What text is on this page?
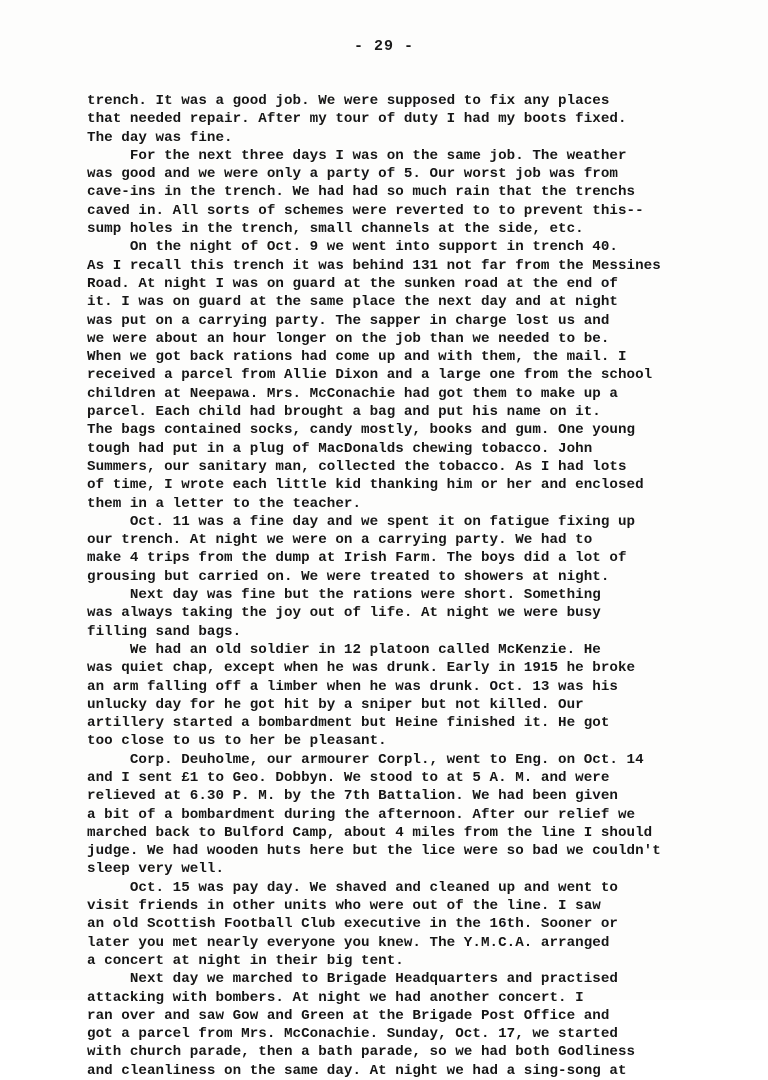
- 29 -
trench. It was a good job. We were supposed to fix any places
that needed repair. After my tour of duty I had my boots fixed.
The day was fine.
For the next three days I was on the same job. The weather
was good and we were only a party of 5. Our worst job was from
cave-ins in the trench. We had had so much rain that the trenchs
caved in. All sorts of schemes were reverted to to prevent this--
sump holes in the trench, small channels at the side, etc.
On the night of Oct. 9 we went into support in trench 40.
As I recall this trench it was behind 131 not far from the Messines
Road. At night I was on guard at the sunken road at the end of
it. I was on guard at the same place the next day and at night
was put on a carrying party. The sapper in charge lost us and
we were about an hour longer on the job than we needed to be.
When we got back rations had come up and with them, the mail. I
received a parcel from Allie Dixon and a large one from the school
children at Neepawa. Mrs. McConachie had got them to make up a
parcel. Each child had brought a bag and put his name on it.
The bags contained socks, candy mostly, books and gum. One young
tough had put in a plug of MacDonalds chewing tobacco. John
Summers, our sanitary man, collected the tobacco. As I had lots
of time, I wrote each little kid thanking him or her and enclosed
them in a letter to the teacher.
Oct. 11 was a fine day and we spent it on fatigue fixing up
our trench. At night we were on a carrying party. We had to
make 4 trips from the dump at Irish Farm. The boys did a lot of
grousing but carried on. We were treated to showers at night.
Next day was fine but the rations were short. Something
was always taking the joy out of life. At night we were busy
filling sand bags.
We had an old soldier in 12 platoon called McKenzie. He
was quiet chap, except when he was drunk. Early in 1915 he broke
an arm falling off a limber when he was drunk. Oct. 13 was his
unlucky day for he got hit by a sniper but not killed. Our
artillery started a bombardment but Heine finished it. He got
too close to us to her be pleasant.
Corp. Deuholme, our armourer Corpl., went to Eng. on Oct. 14
and I sent £1 to Geo. Dobbyn. We stood to at 5 A. M. and were
relieved at 6.30 P. M. by the 7th Battalion. We had been given
a bit of a bombardment during the afternoon. After our relief we
marched back to Bulford Camp, about 4 miles from the line I should
judge. We had wooden huts here but the lice were so bad we couldn't
sleep very well.
Oct. 15 was pay day. We shaved and cleaned up and went to
visit friends in other units who were out of the line. I saw
an old Scottish Football Club executive in the 16th. Sooner or
later you met nearly everyone you knew. The Y.M.C.A. arranged
a concert at night in their big tent.
Next day we marched to Brigade Headquarters and practised
attacking with bombers. At night we had another concert. I
ran over and saw Gow and Green at the Brigade Post Office and
got a parcel from Mrs. McConachie. Sunday, Oct. 17, we started
with church parade, then a bath parade, so we had both Godliness
and cleanliness on the same day. At night we had a sing-song at
